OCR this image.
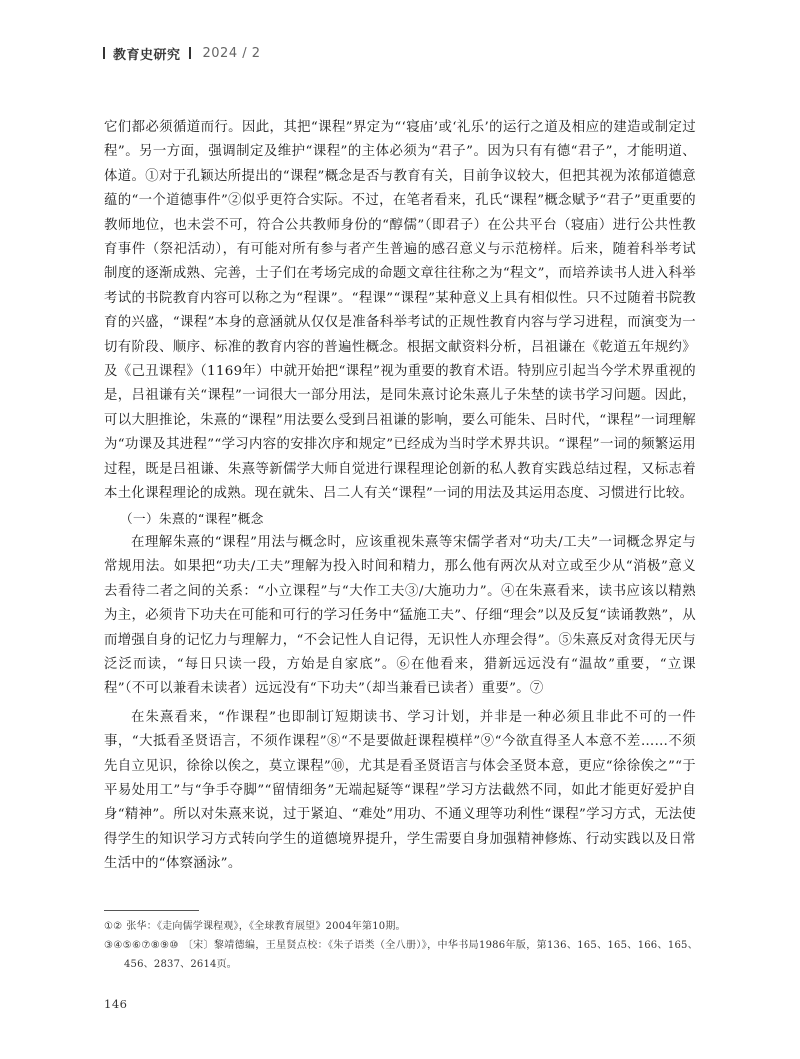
教育史研究 2024 / 2

它们都必须循道而行。因此，其把“课程”界定为“‘寝庙’或‘礼乐’的运行之道及相应的建造或制定过程”。另一方面，强调制定及维护“课程”的主体必须为“君子”。因为只有有德“君子”，才能明道、体道。①对于孔颖达所提出的“课程”概念是否与教育有关，目前争议较大，但把其视为浓郁道德意蕴的“一个道德事件”②似乎更符合实际。不过，在笔者看来，孔氏“课程”概念赋予“君子”更重要的教师地位，也未尝不可，符合公共教师身份的“醇儒”（即君子）在公共平台（寝庙）进行公共性教育事件（祭祀活动），有可能对所有参与者产生普遍的感召意义与示范榜样。后来，随着科举考试制度的逐渐成熟、完善，士子们在考场完成的命题文章往往称之为“程文”，而培养读书人进入科举考试的书院教育内容可以称之为“程课”。“程课”“课程”某种意义上具有相似性。只不过随着书院教育的兴盛，“课程”本身的意涵就从仅仅是准备科举考试的正规性教育内容与学习进程，而演变为一切有阶段、顺序、标准的教育内容的普遍性概念。根据文献资料分析，吕祖谦在《乾道五年规约》及《己丑课程》（1169年）中就开始把“课程”视为重要的教育术语。特别应引起当今学术界重视的是，吕祖谦有关“课程”一词很大一部分用法，是同朱熹讨论朱熹儿子朱埜的读书学习问题。因此，可以大胆推论，朱熹的“课程”用法要么受到吕祖谦的影响，要么可能朱、吕时代，“课程”一词理解为“功课及其进程”“学习内容的安排次序和规定”已经成为当时学术界共识。“课程”一词的频繁运用过程，既是吕祖谦、朱熹等新儒学大师自觉进行课程理论创新的私人教育实践总结过程，又标志着本土化课程理论的成熟。现在就朱、吕二人有关“课程”一词的用法及其运用态度、习惯进行比较。

（一）朱熹的“课程”概念

在理解朱熹的“课程”用法与概念时，应该重视朱熹等宋儒学者对“功夫/工夫”一词概念界定与常规用法。如果把“功夫/工夫”理解为投入时间和精力，那么他有两次从对立或至少从“消极”意义去看待二者之间的关系：“小立课程”与“大作工夫③/大施功力”。④在朱熹看来，读书应该以精熟为主，必须肯下功夫在可能和可行的学习任务中“猛施工夫”、仔细“理会”以及反复“读诵教熟”，从而增强自身的记忆力与理解力，“不会记性人自记得，无识性人亦理会得”。⑤朱熹反对贪得无厌与泛泛而读，“每日只读一段，方始是自家底”。⑥在他看来，猎新远远没有“温故”重要，“立课程”（不可以兼看未读者）远远没有“下功夫”（却当兼看已读者）重要”。⑦

在朱熹看来，“作课程”也即制订短期读书、学习计划，并非是一种必须且非此不可的一件事，“大抵看圣贤语言，不须作课程”⑧“不是要做赶课程模样”⑨“今欲直得圣人本意不差……不须先自立见识，徐徐以俟之，莫立课程”⑩，尤其是看圣贤语言与体会圣贤本意，更应“徐徐俟之”“于平易处用工”与“争手夺脚”“留情细务”无端起疑等“课程”学习方法截然不同，如此才能更好爱护自身“精神”。所以对朱熹来说，过于紧迫、“难处”用功、不通义理等功利性“课程”学习方式，无法使得学生的知识学习方式转向学生的道德境界提升，学生需要自身加强精神修炼、行动实践以及日常生活中的“体察涵泳”。

①② 张华：《走向儒学课程观》，《全球教育展望》2004年第10期。

③④⑤⑥⑦⑧⑨⑩ 〔宋〕黎靖德编，王星贤点校：《朱子语类（全八册）》，中华书局1986年版，第136、165、165、166、165、456、2837、2614页。

146
